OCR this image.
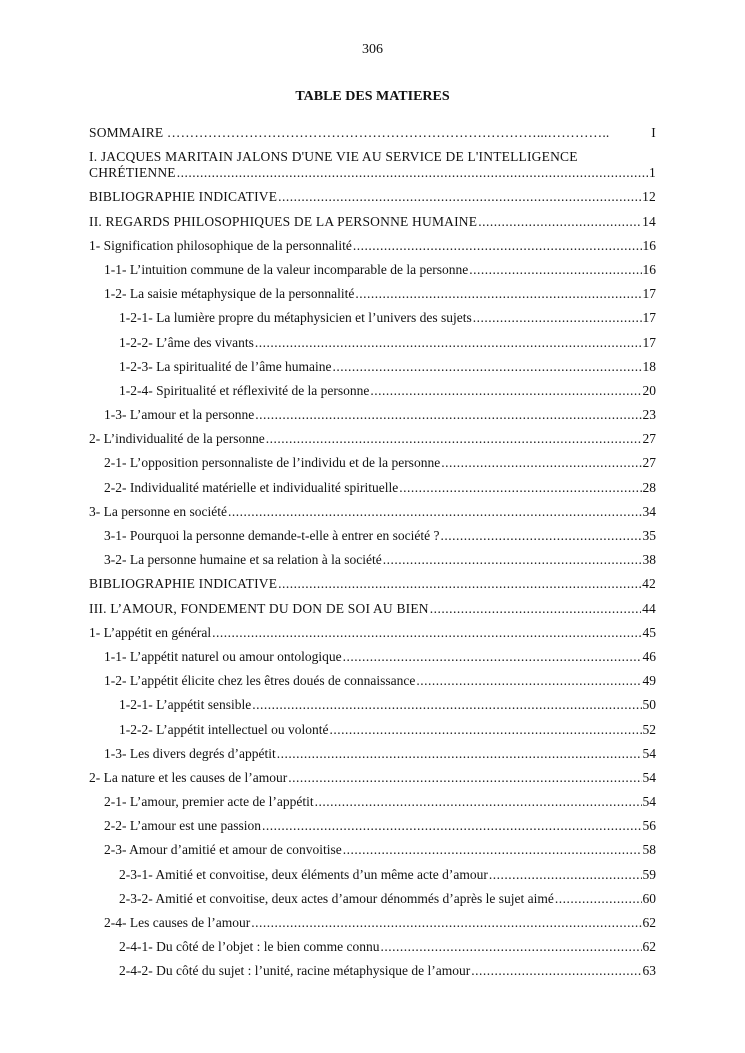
306
TABLE DES MATIERES
SOMMAIRE ………………………………………………………………………...…………..	I
I. JACQUES MARITAIN JALONS D'UNE VIE AU SERVICE DE L'INTELLIGENCE
CHRÉTIENNE .....	1
BIBLIOGRAPHIE INDICATIVE .....	12
II. REGARDS PHILOSOPHIQUES DE LA PERSONNE HUMAINE .....	14
1- Signification philosophique de la personnalité .....	16
1-1- L’intuition commune de la valeur incomparable de la personne .....	16
1-2- La saisie métaphysique de la personnalité .....	17
1-2-1- La lumière propre du métaphysicien et l’univers des sujets .....	17
1-2-2- L’âme des vivants .....	17
1-2-3- La spiritualité de l’âme humaine .....	18
1-2-4- Spiritualité et réflexivité de la personne .....	20
1-3- L’amour et la personne .....	23
2- L’individualité de la personne .....	27
2-1- L’opposition personnaliste de l’individu et de la personne .....	27
2-2- Individualité matérielle et individualité spirituelle .....	28
3- La personne en société .....	34
3-1- Pourquoi la personne demande-t-elle à entrer en société ? .....	35
3-2- La personne humaine et sa relation à la société .....	38
BIBLIOGRAPHIE INDICATIVE .....	42
III. L’AMOUR, FONDEMENT DU DON DE SOI AU BIEN .....	44
1- L’appétit en général .....	45
1-1- L’appétit naturel ou amour ontologique .....	46
1-2- L’appétit élicite chez les êtres doués de connaissance .....	49
1-2-1- L’appétit sensible .....	50
1-2-2- L’appétit intellectuel ou volonté .....	52
1-3- Les divers degrés d’appétit .....	54
2- La nature et les causes de l’amour .....	54
2-1- L’amour, premier acte de l’appétit .....	54
2-2- L’amour est une passion .....	56
2-3- Amour d’amitié et amour de convoitise .....	58
2-3-1- Amitié et convoitise, deux éléments d’un même acte d’amour .....	59
2-3-2- Amitié et convoitise, deux actes d’amour dénommés d’après le sujet aimé .....	60
2-4- Les causes de l’amour .....	62
2-4-1- Du côté de l’objet : le bien comme connu .....	62
2-4-2- Du côté du sujet : l’unité, racine métaphysique de l’amour .....	63
